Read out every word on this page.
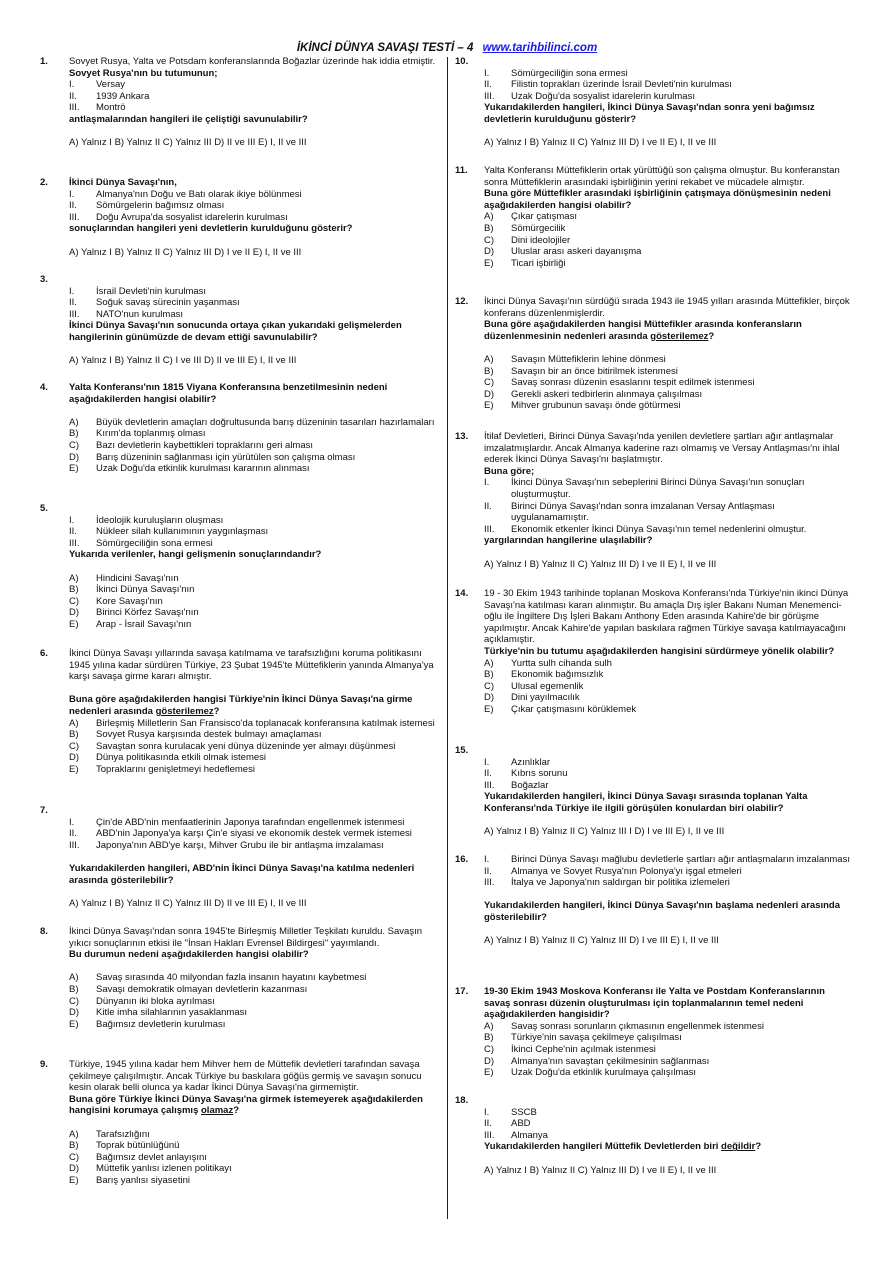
İKİNCİ DÜNYA SAVAŞI TESTİ – 4 www.tarihbilinci.com
1. Sovyet Rusya, Yalta ve Potsdam konferanslarında Boğazlar üzerinde hak iddia etmiştir.
Sovyet Rusya'nın bu tutumunun;
I.	Versay
II.	1939 Ankara
III.	Montrö
antlaşmalarından hangileri ile çeliştiği savunulabilir?
A) Yalnız I B) Yalnız II C) Yalnız III D) II ve III E) I, II ve III
2. İkinci Dünya Savaşı'nın,
I.	Almanya'nın Doğu ve Batı olarak ikiye bölünmesi
II.	Sömürgelerin bağımsız olması
III.	Doğu Avrupa'da sosyalist idarelerin kurulması
sonuçlarından hangileri yeni devletlerin kurulduğunu gösterir?
A) Yalnız I B) Yalnız II C) Yalnız III D) I ve II E) I, II ve III
3.
I.	İsrail Devleti'nin kurulması
II.	Soğuk savaş sürecinin yaşanması
III.	NATO'nun kurulması
İkinci Dünya Savaşı'nın sonucunda ortaya çıkan yukarıdaki gelişmelerden hangilerinin günümüzde de devam ettiği savunulabilir?
A) Yalnız I B) Yalnız II C) I ve III D) II ve III E) I, II ve III
4. Yalta Konferansı'nın 1815 Viyana Konferansına benzetilmesinin nedeni aşağıdakilerden hangisi olabilir?
A)	Büyük devletlerin amaçları doğrultusunda barış düzeninin tasarıları hazırlamaları
B)	Kırım'da toplanmış olması
C)	Bazı devletlerin kaybettikleri topraklarını geri alması
D)	Barış düzeninin sağlanması için yürütülen son çalışma olması
E)	Uzak Doğu'da etkinlik kurulması kararının alınması
5.
I.	İdeolojik kuruluşların oluşması
II.	Nükleer silah kullanımının yaygınlaşması
III.	Sömürgeciliğin sona ermesi
Yukarıda verilenler, hangi gelişmenin sonuçlarındandır?
A)	Hindicini Savaşı'nın
B)	İkinci Dünya Savaşı'nın
C)	Kore Savaşı'nın
D)	Birinci Körfez Savaşı'nın
E)	Arap - İsrail Savaşı'nın
6. İkinci Dünya Savaşı yıllarında savaşa katılmama ve tarafsızlığını koruma politikasını 1945 yılına kadar sürdüren Türkiye, 23 Şubat 1945'te Müttefiklerin yanında Almanya'ya karşı savaşa girme kararı almıştır.
Buna göre aşağıdakilerden hangisi Türkiye'nin İkinci Dünya Savaşı'na girme nedenleri arasında gösterilemez?
A)	Birleşmiş Milletlerin San Fransisco'da toplanacak konferansına katılmak istemesi
B)	Sovyet Rusya karşısında destek bulmayı amaçlaması
C)	Savaştan sonra kurulacak yeni dünya düzeninde yer almayı düşünmesi
D)	Dünya politikasında etkili olmak istemesi
E)	Topraklarını genişletmeyi hedeflemesi
7.
I.	Çin'de ABD'nin menfaatlerinin Japonya tarafından engellenmek istenmesi
II.	ABD'nin Japonya'ya karşı Çin'e siyasi ve ekonomik destek vermek istemesi
III.	Japonya'nın ABD'ye karşı, Mihver Grubu ile bir antlaşma imzalaması
Yukarıdakilerden hangileri, ABD'nin İkinci Dünya Savaşı'na katılma nedenleri arasında gösterilebilir?
A) Yalnız I B) Yalnız II C) Yalnız III D) II ve III E) I, II ve III
8. İkinci Dünya Savaşı'ndan sonra 1945'te Birleşmiş Milletler Teşkilatı kuruldu. Savaşın yıkıcı sonuçlarının etkisi ile "İnsan Hakları Evrensel Bildirgesi" yayımlandı.
Bu durumun nedeni aşağıdakilerden hangisi olabilir?
A)	Savaş sırasında 40 milyondan fazla insanın hayatını kaybetmesi
B)	Savaşı demokratik olmayan devletlerin kazanması
C)	Dünyanın iki bloka ayrılması
D)	Kitle imha silahlarının yasaklanması
E)	Bağımsız devletlerin kurulması
9. Türkiye, 1945 yılına kadar hem Mihver hem de Müttefik devletleri tarafından savaşa çekilmeye çalışılmıştır. Ancak Türkiye bu baskılara göğüs germiş ve savaşın sonucu kesin olarak belli olunca ya kadar İkinci Dünya Savaşı'na girmemiştir.
Buna göre Türkiye İkinci Dünya Savaşı'na girmek istemeyerek aşağıdakilerden hangisini korumaya çalışmış olamaz?
A)	Tarafsızlığını
B)	Toprak bütünlüğünü
C)	Bağımsız devlet anlayışını
D)	Müttefik yanlısı izlenen politikayı
E)	Barış yanlısı siyasetini
10.
I.	Sömürgeciliğin sona ermesi
II.	Filistin toprakları üzerinde İsrail Devleti'nin kurulması
III.	Uzak Doğu'da sosyalist idarelerin kurulması
Yukarıdakilerden hangileri, İkinci Dünya Savaşı'ndan sonra yeni bağımsız devletlerin kurulduğunu gösterir?
A) Yalnız I B) Yalnız II C) Yalnız III D) I ve II E) I, II ve III
11. Yalta Konferansı Müttefiklerin ortak yürüttüğü son çalışma olmuştur. Bu konferanstan sonra Müttefiklerin arasındaki işbirliğinin yerini rekabet ve mücadele almıştır.
Buna göre Müttefikler arasındaki işbirliğinin çatışmaya dönüşmesinin nedeni aşağıdakilerden hangisi olabilir?
A)	Çıkar çatışması
B)	Sömürgecilik
C)	Dini ideolojiler
D)	Uluslar arası askeri dayanışma
E)	Ticari işbirliği
12. İkinci Dünya Savaşı'nın sürdüğü sırada 1943 ile 1945 yılları arasında Müttefikler, birçok konferans düzenlenmişlerdir.
Buna göre aşağıdakilerden hangisi Müttefikler arasında konferansların düzenlenmesinin nedenleri arasında gösterilemez?
A)	Savaşın Müttefiklerin lehine dönmesi
B)	Savaşın bir an önce bitirilmek istenmesi
C)	Savaş sonrası düzenin esaslarını tespit edilmek istenmesi
D)	Gerekli askeri tedbirlerin alınmaya çalışılması
E)	Mihver grubunun savaşı önde götürmesi
13. İtilaf Devletleri, Birinci Dünya Savaşı'nda yenilen devletlere şartları ağır antlaşmalar imzalatmışlardır. Ancak Almanya kaderine razı olmamış ve Versay Antlaşması'nı ihlal ederek İkinci Dünya Savaşı'nı başlatmıştır.
Buna göre;
I.	İkinci Dünya Savaşı'nın sebeplerini Birinci Dünya Savaşı'nın sonuçları oluşturmuştur.
II.	Birinci Dünya Savaşı'ndan sonra imzalanan Versay Antlaşması uygulanamamıştır.
III.	Ekonomik etkenler İkinci Dünya Savaşı'nın temel nedenlerini olmuştur.
yargılarından hangilerine ulaşılabilir?
A) Yalnız I B) Yalnız II C) Yalnız III D) I ve II E) I, II ve III
14. 19 - 30 Ekim 1943 tarihinde toplanan Moskova Konferansı'nda Türkiye'nin ikinci Dünya Savaşı'na katılması kararı alınmıştır. Bu amaçla Dış işler Bakanı Numan Menemenci-oğlu ile İngiltere Dış İşleri Bakanı Anthony Eden arasında Kahire'de bir görüşme yapılmıştır. Ancak Kahire'de yapılan baskılara rağmen Türkiye savaşa katılmayacağını açıklamıştır.
Türkiye'nin bu tutumu aşağıdakilerden hangisini sürdürmeye yönelik olabilir?
A)	Yurtta sulh cihanda sulh
B)	Ekonomik bağımsızlık
C)	Ulusal egemenlik
D)	Dini yayılmacılık
E)	Çıkar çatışmasını körüklemek
15.
I.	Azınlıklar
II.	Kıbrıs sorunu
III.	Boğazlar
Yukarıdakilerden hangileri, İkinci Dünya Savaşı sırasında toplanan Yalta Konferansı'nda Türkiye ile ilgili görüşülen konulardan biri olabilir?
A) Yalnız I B) Yalnız II C) Yalnız III I D) I ve III E) I, II ve III
16. I.	Birinci Dünya Savaşı mağlubu devletlerle şartları ağır antlaşmaların imzalanması
II.	Almanya ve Sovyet Rusya'nın Polonya'yı işgal etmeleri
III.	İtalya ve Japonya'nın saldırgan bir politika izlemeleri
Yukarıdakilerden hangileri, İkinci Dünya Savaşı'nın başlama nedenleri arasında gösterilebilir?
A) Yalnız I B) Yalnız II C) Yalnız III D) I ve III E) I, II ve III
17. 19-30 Ekim 1943 Moskova Konferansı ile Yalta ve Postdam Konferanslarının savaş sonrası düzenin oluşturulması için toplanmalarının temel nedeni aşağıdakilerden hangisidir?
A)	Savaş sonrası sorunların çıkmasının engellenmek istenmesi
B)	Türkiye'nin savaşa çekilmeye çalışılması
C)	İkinci Cephe'nin açılmak istenmesi
D)	Almanya'nın savaştan çekilmesinin sağlanması
E)	Uzak Doğu'da etkinlik kurulmaya çalışılması
18.
I.	SSCB
II.	ABD
III.	Almanya
Yukarıdakilerden hangileri Müttefik Devletlerden biri değildir?
A) Yalnız I B) Yalnız II C) Yalnız III D) I ve II E) I, II ve III
